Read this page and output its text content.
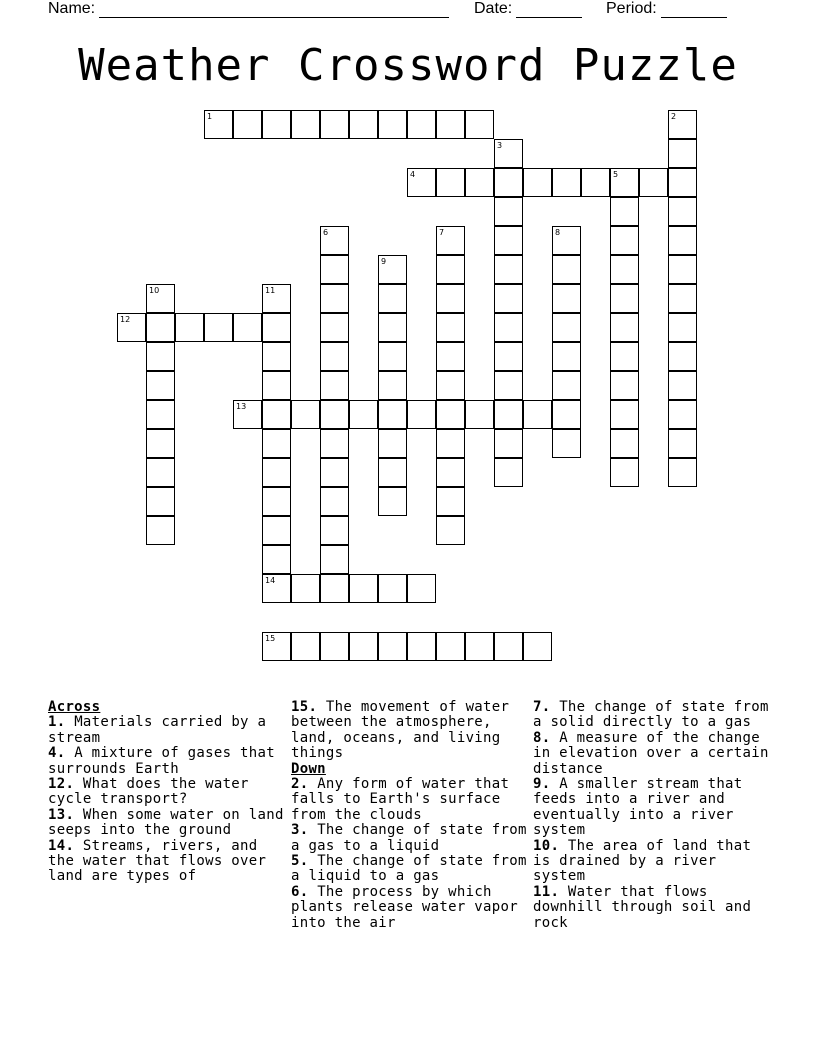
Name:	Date:	Period:
Weather Crossword Puzzle
1	2
3
4	5
6	7	8
9
10	11
14
12
13
15
Across
1. Materials carried by a stream
4. A mixture of gases that surrounds Earth
12. What does the water cycle transport?
13. When some water on land seeps into the ground
14. Streams, rivers, and the water that flows over land are types of
15. The movement of water between the atmosphere, land, oceans, and living things
Down
2. Any form of water that falls to Earth's surface from the clouds
3. The change of state from a gas to a liquid
5. The change of state from a liquid to a gas
6. The process by which plants release water vapor into the air
7. The change of state from a solid directly to a gas
8. A measure of the change in elevation over a certain distance
9. A smaller stream that feeds into a river and eventually into a river system
10. The area of land that is drained by a river system
11. Water that flows downhill through soil and rock
